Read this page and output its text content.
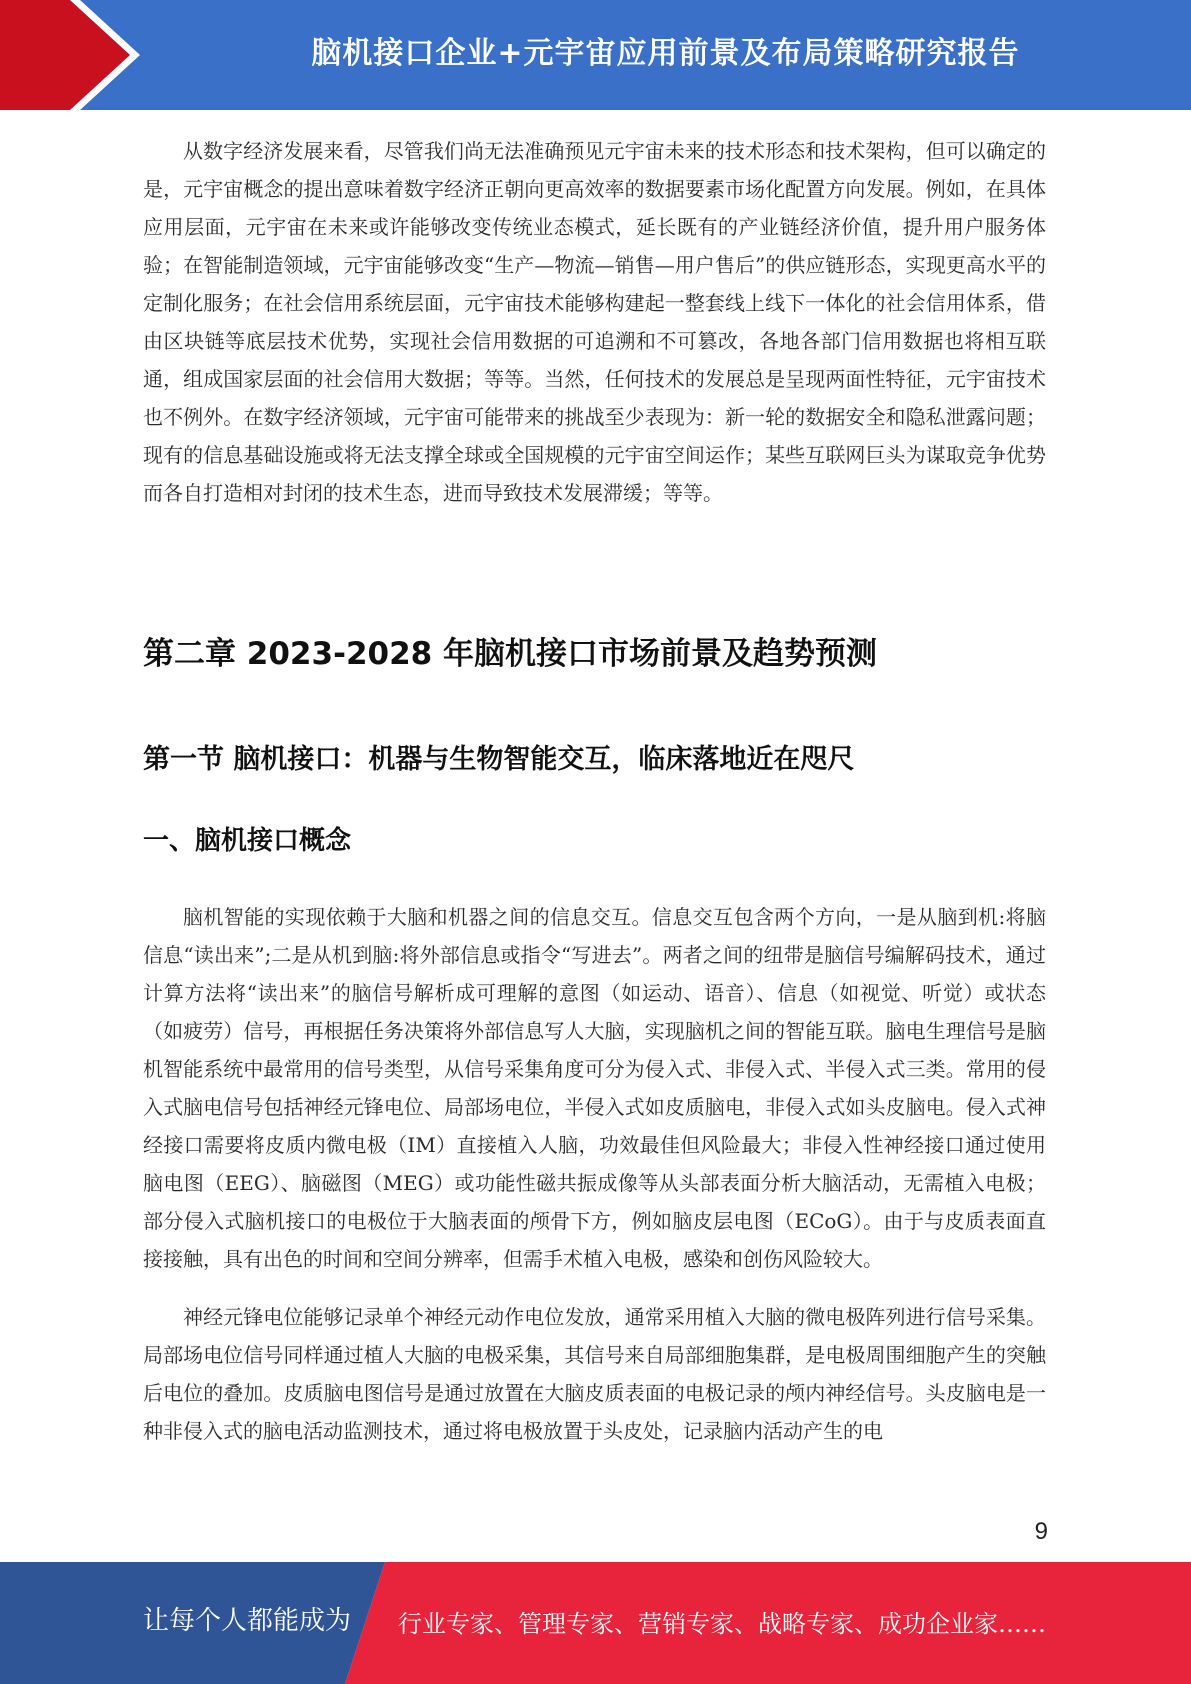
脑机接口企业+元宇宙应用前景及布局策略研究报告

从数字经济发展来看，尽管我们尚无法准确预见元宇宙未来的技术形态和技术架构，但可以确定的是，元宇宙概念的提出意味着数字经济正朝向更高效率的数据要素市场化配置方向发展。例如，在具体应用层面，元宇宙在未来或许能够改变传统业态模式，延长既有的产业链经济价值，提升用户服务体验；在智能制造领域，元宇宙能够改变“生产—物流—销售—用户售后”的供应链形态，实现更高水平的定制化服务；在社会信用系统层面，元宇宙技术能够构建起一整套线上线下一体化的社会信用体系，借由区块链等底层技术优势，实现社会信用数据的可追溯和不可篡改，各地各部门信用数据也将相互联通，组成国家层面的社会信用大数据；等等。当然，任何技术的发展总是呈现两面性特征，元宇宙技术也不例外。在数字经济领域，元宇宙可能带来的挑战至少表现为：新一轮的数据安全和隐私泄露问题；现有的信息基础设施或将无法支撑全球或全国规模的元宇宙空间运作；某些互联网巨头为谋取竞争优势而各自打造相对封闭的技术生态，进而导致技术发展滞缓；等等。

第二章 2023-2028 年脑机接口市场前景及趋势预测
第一节 脑机接口：机器与生物智能交互，临床落地近在咫尺
一、脑机接口概念

脑机智能的实现依赖于大脑和机器之间的信息交互。信息交互包含两个方向，一是从脑到机:将脑信息“读出来”;二是从机到脑:将外部信息或指令“写进去”。两者之间的纽带是脑信号编解码技术，通过计算方法将“读出来”的脑信号解析成可理解的意图（如运动、语音）、信息（如视觉、听觉）或状态（如疲劳）信号，再根据任务决策将外部信息写人大脑，实现脑机之间的智能互联。脑电生理信号是脑机智能系统中最常用的信号类型，从信号采集角度可分为侵入式、非侵入式、半侵入式三类。常用的侵入式脑电信号包括神经元锋电位、局部场电位，半侵入式如皮质脑电，非侵入式如头皮脑电。侵入式神经接口需要将皮质内微电极（IM）直接植入人脑，功效最佳但风险最大；非侵入性神经接口通过使用脑电图（EEG）、脑磁图（MEG）或功能性磁共振成像等从头部表面分析大脑活动，无需植入电极；部分侵入式脑机接口的电极位于大脑表面的颅骨下方，例如脑皮层电图（ECoG）。由于与皮质表面直接接触，具有出色的时间和空间分辨率，但需手术植入电极，感染和创伤风险较大。

神经元锋电位能够记录单个神经元动作电位发放，通常采用植入大脑的微电极阵列进行信号采集。局部场电位信号同样通过植人大脑的电极采集，其信号来自局部细胞集群，是电极周围细胞产生的突触后电位的叠加。皮质脑电图信号是通过放置在大脑皮质表面的电极记录的颅内神经信号。头皮脑电是一种非侵入式的脑电活动监测技术，通过将电极放置于头皮处，记录脑内活动产生的电

9
让每个人都能成为 行业专家、管理专家、营销专家、战略专家、成功企业家……
